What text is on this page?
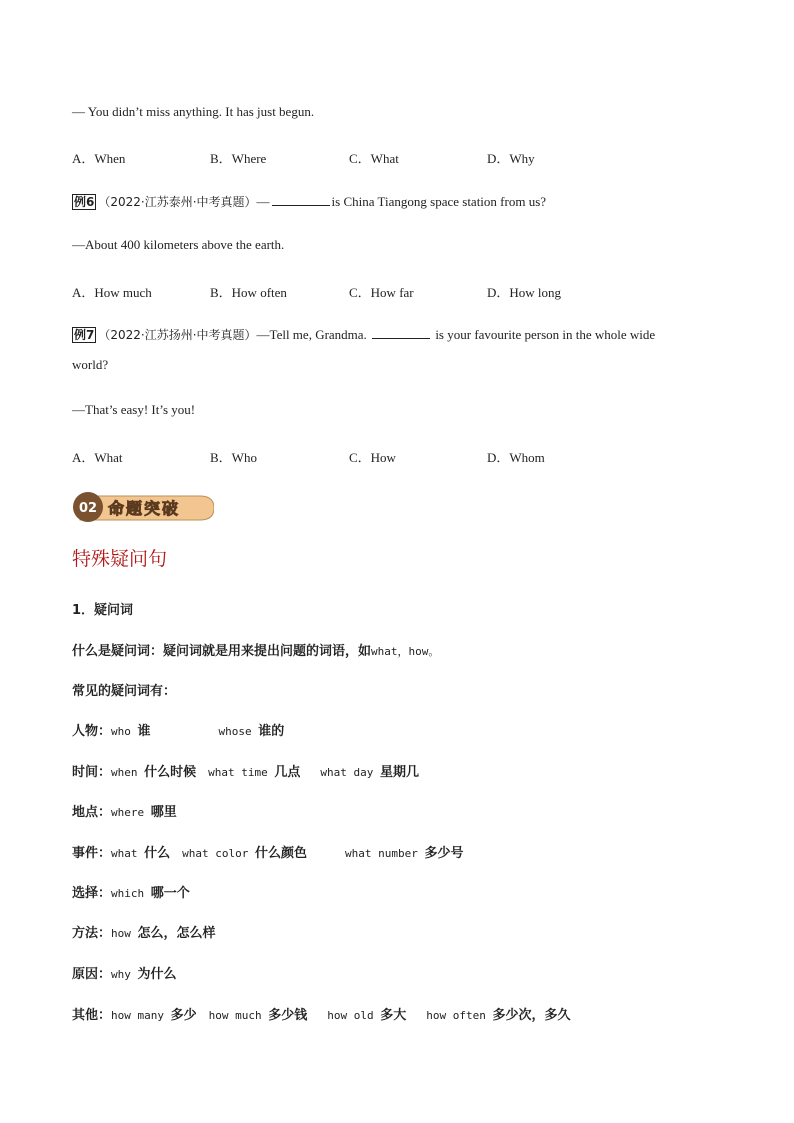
— You didn’t miss anything. It has just begun.
A．When	B．Where	C．What	D．Why
例6 （2022·江苏泰州·中考真题）—	is China Tiangong space station from us?
—About 400 kilometers above the earth.
A．How much	B．How often	C．How far	D．How long
例7 （2022·江苏扬州·中考真题）—Tell me, Grandma.	is your favourite person in the whole wide
world?
—That’s easy! It’s you!
A．What	B．Who	C．How	D．Whom
02 命题突破
特殊疑问句
1．疑问词
什么是疑问词：疑问词就是用来提出问题的词语，如what，how。
常见的疑问词有：
人物：who 谁	whose 谁的
时间：when 什么时候 what time 几点 what day 星期几
地点：where 哪里
事件：what 什么 what color 什么颜色	what number 多少号
选择：which 哪一个
方法：how 怎么，怎么样
原因：why 为什么
其他：how many 多少 how much 多少钱 how old 多大 how often 多少次，多久
